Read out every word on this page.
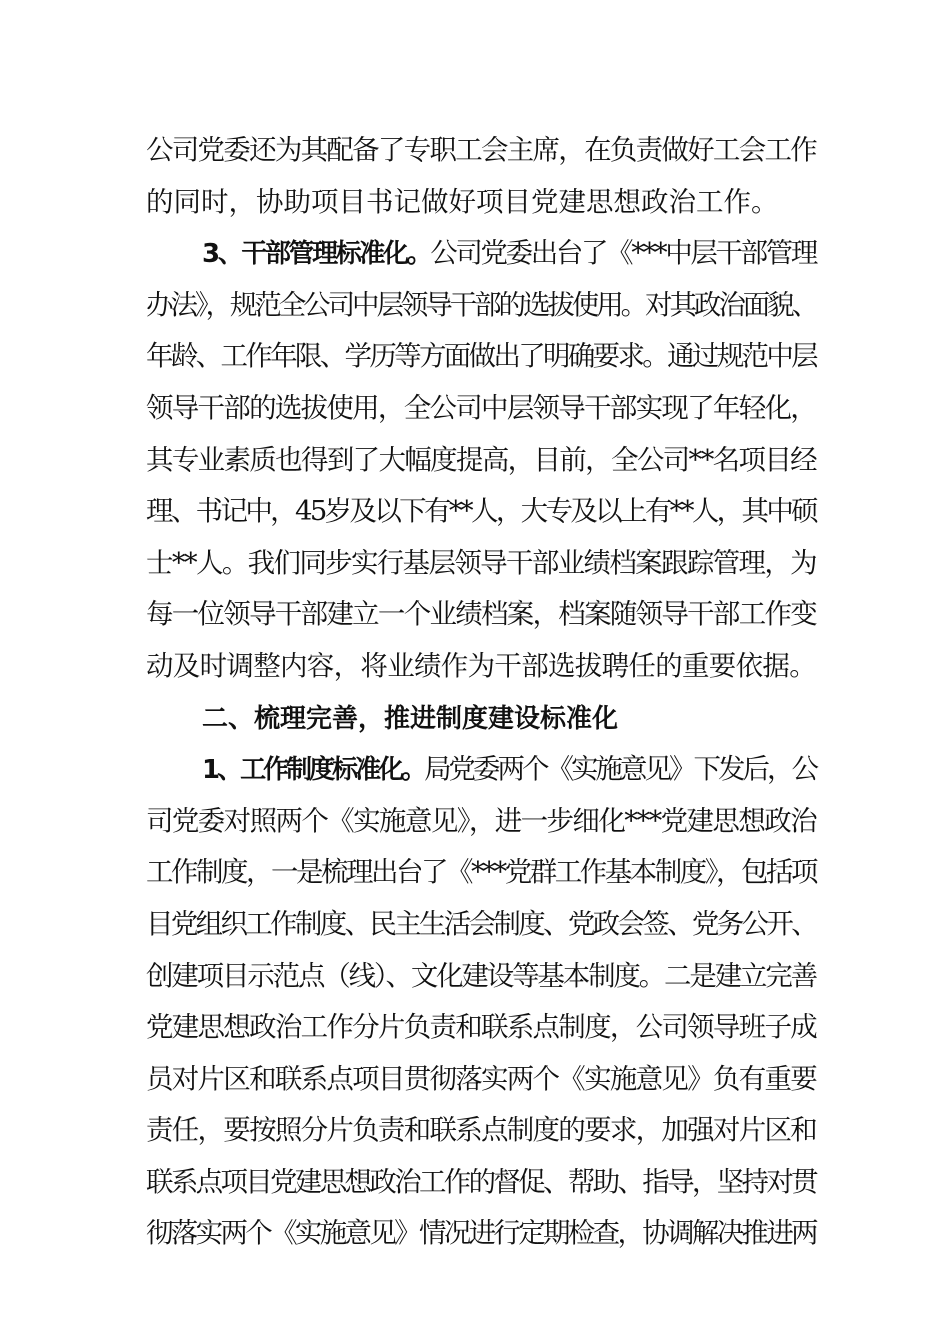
公司党委还为其配备了专职工会主席，在负责做好工会工作
的同时，协助项目书记做好项目党建思想政治工作。
3、干部管理标准化。公司党委出台了《***中层干部管理
办法》，规范全公司中层领导干部的选拔使用。对其政治面貌、
年龄、工作年限、学历等方面做出了明确要求。通过规范中层
领导干部的选拔使用，全公司中层领导干部实现了年轻化，
其专业素质也得到了大幅度提高，目前，全公司**名项目经
理、书记中，45岁及以下有**人，大专及以上有**人，其中硕
士**人。我们同步实行基层领导干部业绩档案跟踪管理，为
每一位领导干部建立一个业绩档案，档案随领导干部工作变
动及时调整内容，将业绩作为干部选拔聘任的重要依据。
二、梳理完善，推进制度建设标准化
1、工作制度标准化。局党委两个《实施意见》下发后，公
司党委对照两个《实施意见》，进一步细化***党建思想政治
工作制度，一是梳理出台了《***党群工作基本制度》，包括项
目党组织工作制度、民主生活会制度、党政会签、党务公开、
创建项目示范点（线）、文化建设等基本制度。二是建立完善
党建思想政治工作分片负责和联系点制度，公司领导班子成
员对片区和联系点项目贯彻落实两个《实施意见》负有重要
责任，要按照分片负责和联系点制度的要求，加强对片区和
联系点项目党建思想政治工作的督促、帮助、指导，坚持对贯
彻落实两个《实施意见》情况进行定期检查，协调解决推进两
